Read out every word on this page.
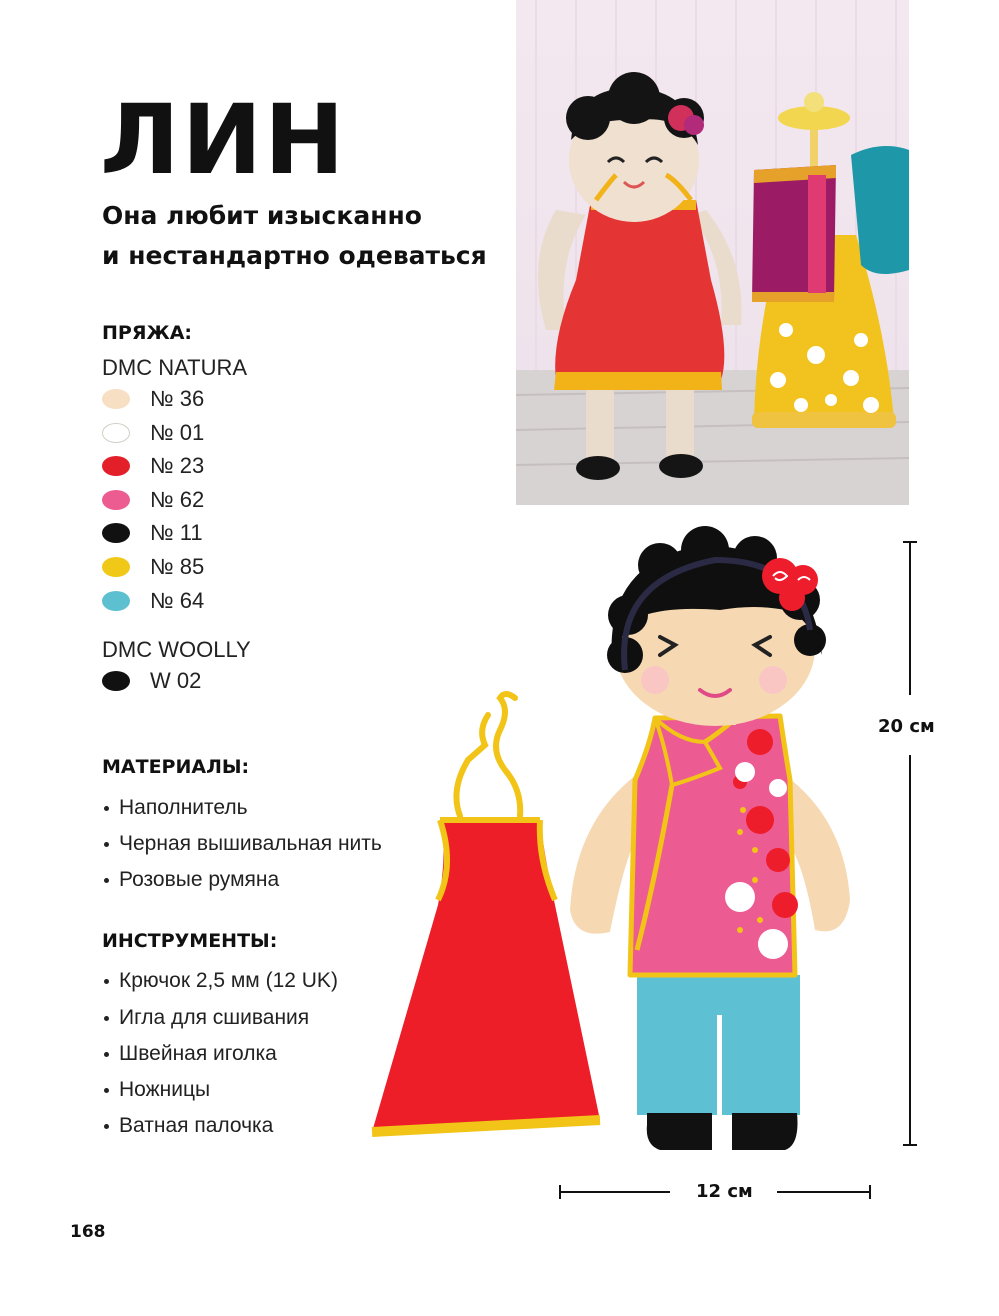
ЛИН
Она любит изысканно
и нестандартно одеваться
ПРЯЖА:
DMC NATURA
№ 36
№ 01
№ 23
№ 62
№ 11
№ 85
№ 64
DMC WOOLLY
W 02
МАТЕРИАЛЫ:
Наполнитель
Черная вышивальная нить
Розовые румяна
ИНСТРУМЕНТЫ:
Крючок 2,5 мм (12 UK)
Игла для сшивания
Швейная иголка
Ножницы
Ватная палочка
20 см
12 см
168
